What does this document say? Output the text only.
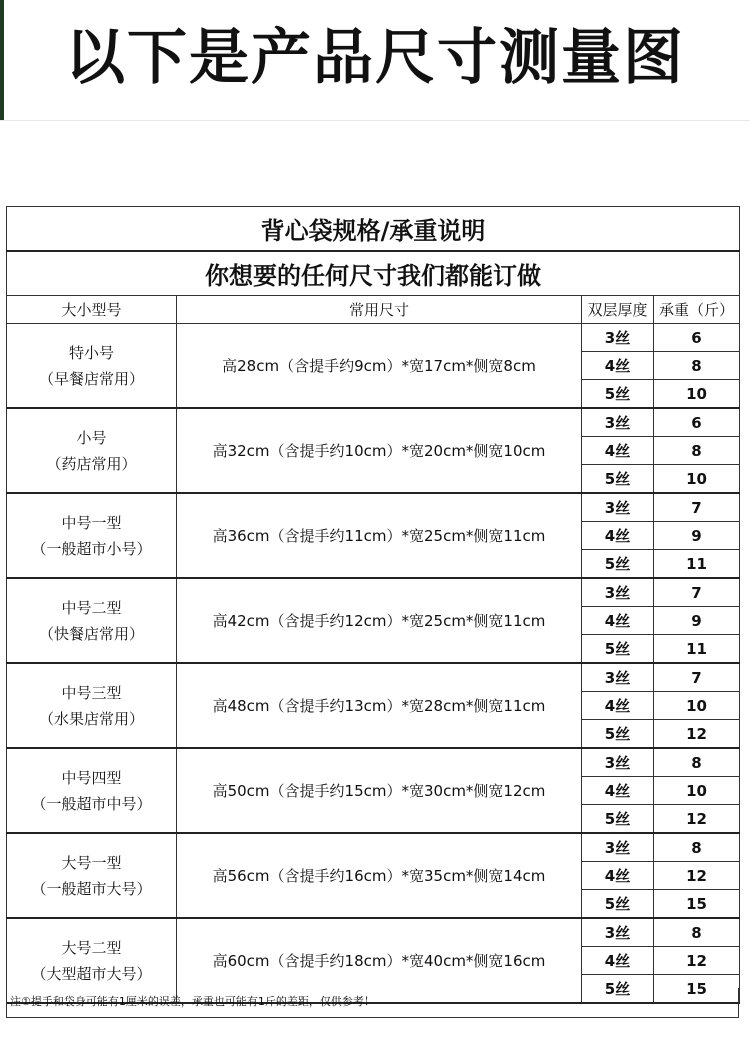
以下是产品尺寸测量图
背心袋规格/承重说明			
你想要的任何尺寸我们都能订做			
大小型号	常用尺寸	双层厚度	承重（斤）

特小号
（早餐店常用）	高28cm（含提手约9cm）*宽17cm*侧宽8cm	3丝	6
		4丝	8
		5丝	10

小号
（药店常用）	高32cm（含提手约10cm）*宽20cm*侧宽10cm	3丝	6
		4丝	8
		5丝	10

中号一型
（一般超市小号）	高36cm（含提手约11cm）*宽25cm*侧宽11cm	3丝	7
		4丝	9
		5丝	11

中号二型
（快餐店常用）	高42cm（含提手约12cm）*宽25cm*侧宽11cm	3丝	7
		4丝	9
		5丝	11

中号三型
（水果店常用）	高48cm（含提手约13cm）*宽28cm*侧宽11cm	3丝	7
		4丝	10
		5丝	12

中号四型
（一般超市中号）	高50cm（含提手约15cm）*宽30cm*侧宽12cm	3丝	8
		4丝	10
		5丝	12

大号一型
（一般超市大号）	高56cm（含提手约16cm）*宽35cm*侧宽14cm	3丝	8
		4丝	12
		5丝	15

大号二型
（大型超市大号）	高60cm（含提手约18cm）*宽40cm*侧宽16cm	3丝	8
		4丝	12
		5丝	15
注①提手和袋身可能有1厘米的误差，承重也可能有1斤的差距，仅供参考！
